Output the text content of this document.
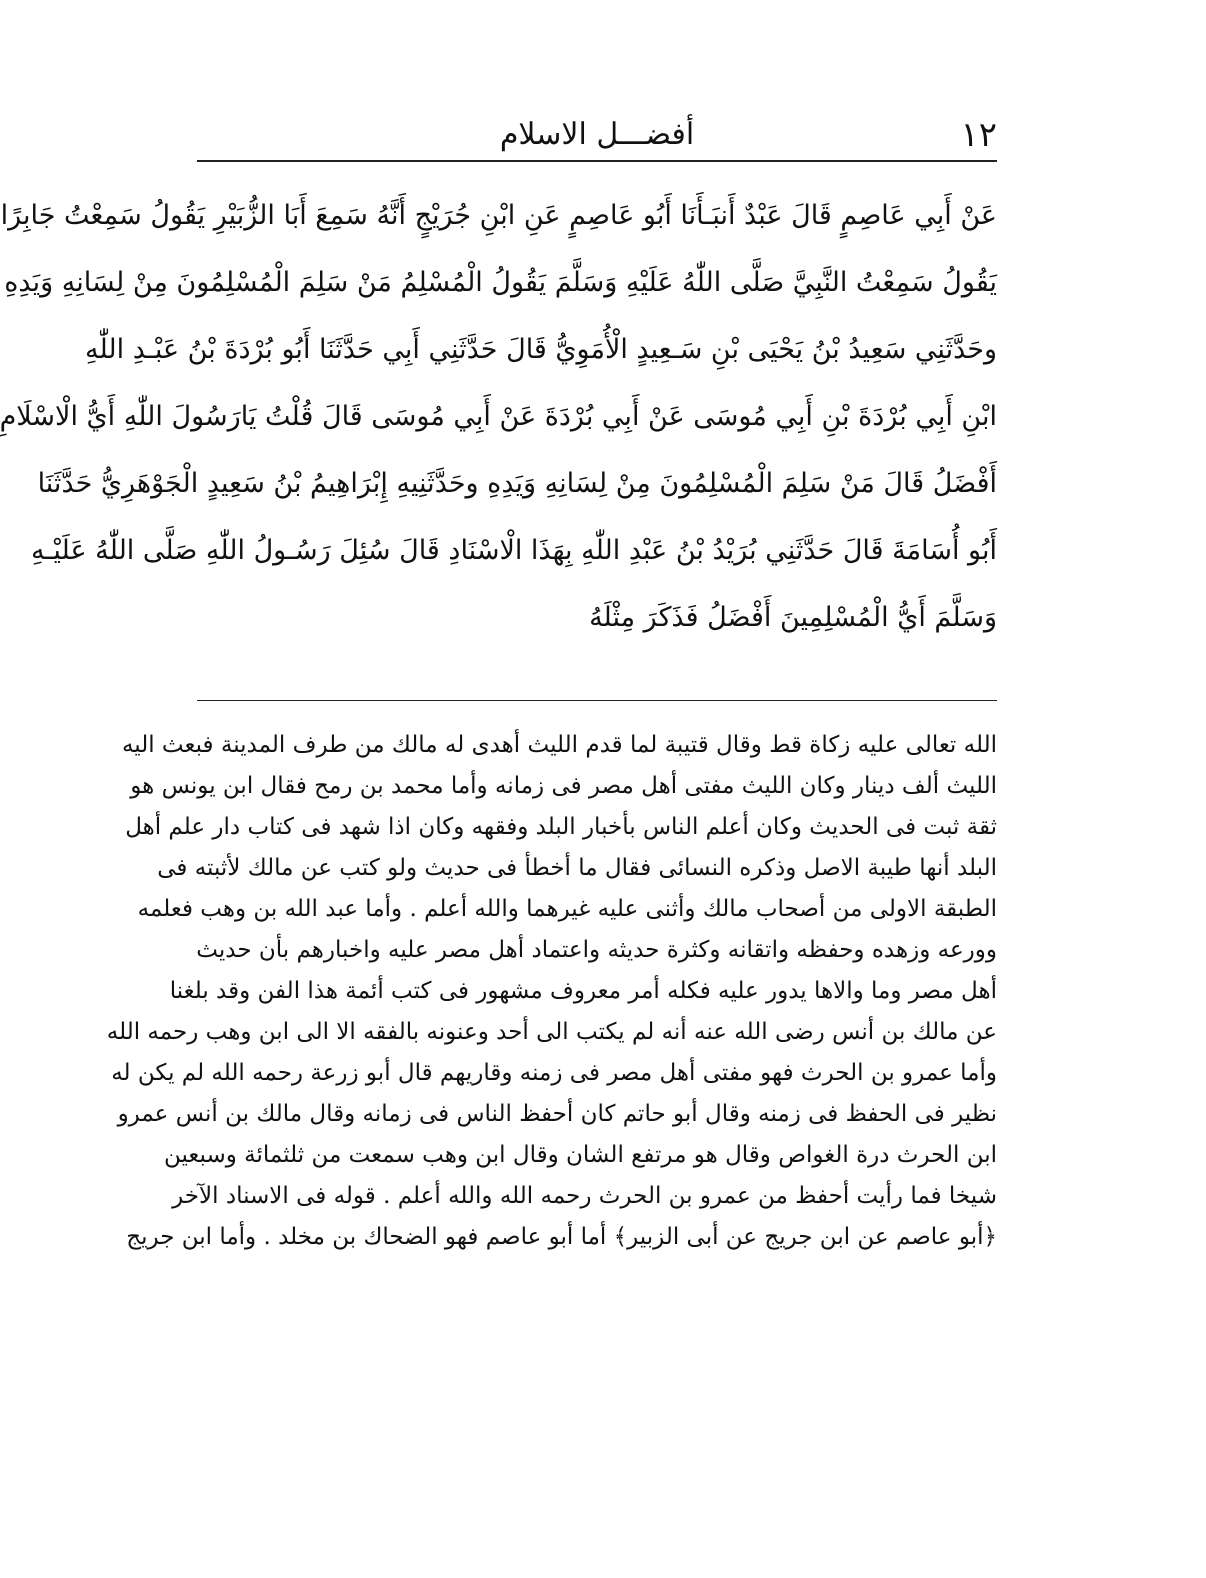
١٢
أفضـــل الاسلام
عَنْ أَبِي عَاصِمٍ قَالَ عَبْدٌ أَنبَـأَنَا أَبُو عَاصِمٍ عَنِ ابْنِ جُرَيْجٍ أَنَّهُ سَمِعَ أَبَا الزُّبَيْرِ يَقُولُ سَمِعْتُ جَابِرًا
يَقُولُ سَمِعْتُ النَّبِيَّ صَلَّى اللّٰهُ عَلَيْهِ وَسَلَّمَ يَقُولُ الْمُسْلِمُ مَنْ سَلِمَ الْمُسْلِمُونَ مِنْ لِسَانِهِ وَيَدِهِ
وحَدَّثَنِي سَعِيدُ بْنُ يَحْيَى بْنِ سَـعِيدٍ الْأُمَوِيُّ قَالَ حَدَّثَنِي أَبِي حَدَّثَنَا أَبُو بُرْدَةَ بْنُ عَبْـدِ اللّٰهِ
ابْنِ أَبِي بُرْدَةَ بْنِ أَبِي مُوسَى عَنْ أَبِي بُرْدَةَ عَنْ أَبِي مُوسَى قَالَ قُلْتُ يَارَسُولَ اللّٰهِ أَيُّ الْاسْلَامِ
أَفْضَلُ قَالَ مَنْ سَلِمَ الْمُسْلِمُونَ مِنْ لِسَانِهِ وَيَدِهِ وحَدَّثَنِيهِ إِبْرَاهِيمُ بْنُ سَعِيدٍ الْجَوْهَرِيُّ حَدَّثَنَا
أَبُو أُسَامَةَ قَالَ حَدَّثَنِي بُرَيْدُ بْنُ عَبْدِ اللّٰهِ بِهَذَا الْاسْنَادِ قَالَ سُئِلَ رَسُـولُ اللّٰهِ صَلَّى اللّٰهُ عَلَيْـهِ
وَسَلَّمَ أَيُّ الْمُسْلِمِينَ أَفْضَلُ فَذَكَرَ مِثْلَهُ
الله تعالى عليه زكاة قط وقال قتيبة لما قدم الليث أهدى له مالك من طرف المدينة فبعث اليه
الليث ألف دينار وكان الليث مفتى أهل مصر فى زمانه وأما محمد بن رمح فقال ابن يونس هو
ثقة ثبت فى الحديث وكان أعلم الناس بأخبار البلد وفقهه وكان اذا شهد فى كتاب دار علم أهل
البلد أنها طيبة الاصل وذكره النسائى فقال ما أخطأ فى حديث ولو كتب عن مالك لأثبته فى
الطبقة الاولى من أصحاب مالك وأثنى عليه غيرهما والله أعلم . وأما عبد الله بن وهب فعلمه
وورعه وزهده وحفظه واتقانه وكثرة حديثه واعتماد أهل مصر عليه واخبارهم بأن حديث
أهل مصر وما والاها يدور عليه فكله أمر معروف مشهور فى كتب أئمة هذا الفن وقد بلغنا
عن مالك بن أنس رضى الله عنه أنه لم يكتب الى أحد وعنونه بالفقه الا الى ابن وهب رحمه الله
وأما عمرو بن الحرث فهو مفتى أهل مصر فى زمنه وقاريهم قال أبو زرعة رحمه الله لم يكن له
نظير فى الحفظ فى زمنه وقال أبو حاتم كان أحفظ الناس فى زمانه وقال مالك بن أنس عمرو
ابن الحرث درة الغواص وقال هو مرتفع الشان وقال ابن وهب سمعت من ثلثمائة وسبعين
شيخا فما رأيت أحفظ من عمرو بن الحرث رحمه الله والله أعلم . قوله فى الاسناد الآخر
﴿أبو عاصم عن ابن جريج عن أبى الزبير﴾ أما أبو عاصم فهو الضحاك بن مخلد . وأما ابن جريج
